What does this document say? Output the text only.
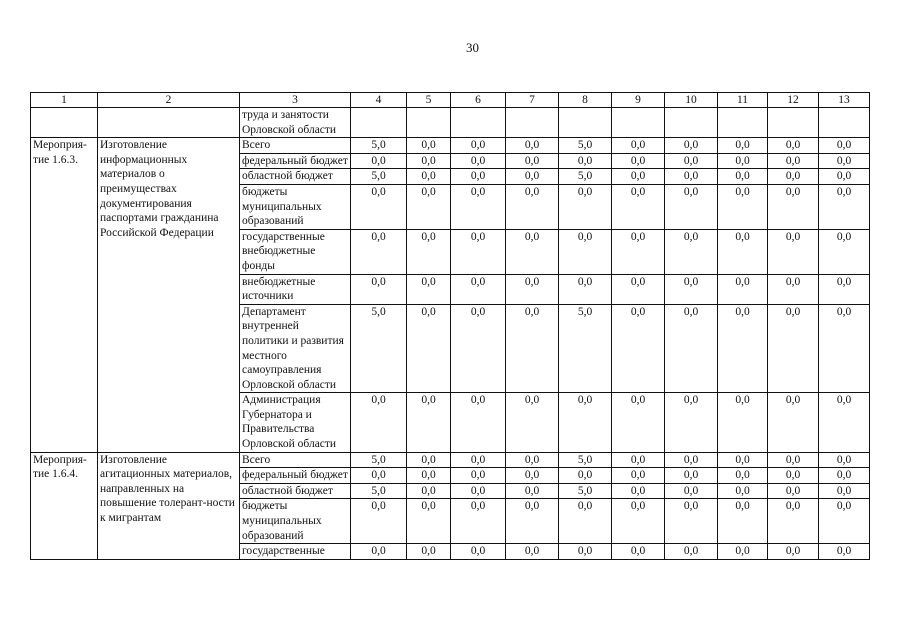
30
1	2	3	4	5	6	7	8	9	10	11	12	13
		труда и занятости Орловской области										
Мероприя-тие 1.6.3.	Изготовление информационных материалов о преимуществах документирования паспортами гражданина Российской Федерации	Всего	5,0	0,0	0,0	0,0	5,0	0,0	0,0	0,0	0,0	0,0
		федеральный бюджет	0,0	0,0	0,0	0,0	0,0	0,0	0,0	0,0	0,0	0,0
		областной бюджет	5,0	0,0	0,0	0,0	5,0	0,0	0,0	0,0	0,0	0,0
		бюджеты муниципальных образований	0,0	0,0	0,0	0,0	0,0	0,0	0,0	0,0	0,0	0,0
		государственные внебюджетные фонды	0,0	0,0	0,0	0,0	0,0	0,0	0,0	0,0	0,0	0,0
		внебюджетные источники	0,0	0,0	0,0	0,0	0,0	0,0	0,0	0,0	0,0	0,0
		Департамент внутренней политики и развития местного самоуправления Орловской области	5,0	0,0	0,0	0,0	5,0	0,0	0,0	0,0	0,0	0,0
		Администрация Губернатора и Правительства Орловской области	0,0	0,0	0,0	0,0	0,0	0,0	0,0	0,0	0,0	0,0
Мероприя-тие 1.6.4.	Изготовление агитационных материалов, направленных на повышение толерант-ности к мигрантам	Всего	5,0	0,0	0,0	0,0	5,0	0,0	0,0	0,0	0,0	0,0
		федеральный бюджет	0,0	0,0	0,0	0,0	0,0	0,0	0,0	0,0	0,0	0,0
		областной бюджет	5,0	0,0	0,0	0,0	5,0	0,0	0,0	0,0	0,0	0,0
		бюджеты муниципальных образований	0,0	0,0	0,0	0,0	0,0	0,0	0,0	0,0	0,0	0,0
		государственные	0,0	0,0	0,0	0,0	0,0	0,0	0,0	0,0	0,0	0,0
